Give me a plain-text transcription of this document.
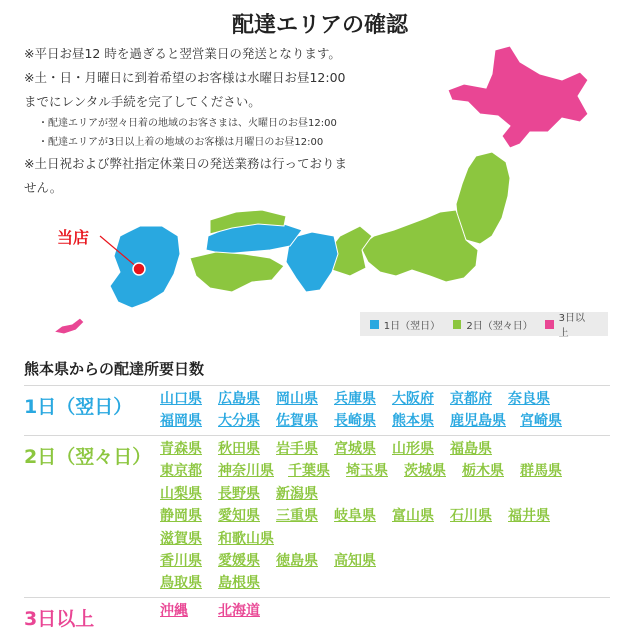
配達エリアの確認
※平日お昼12 時を過ぎると翌営業日の発送となります。
※土・日・月曜日に到着希望のお客様は水曜日お昼12:00
までにレンタル手続を完了してください。
・配達エリアが翌々日着の地域のお客さまは、火曜日のお昼12:00
・配達エリアが3日以上着の地域のお客様は月曜日のお昼12:00
※土日祝および弊社指定休業日の発送業務は行っておりま
せん。
当店
1日（翌日）	2日（翌々日）
3日以上
熊本県からの配達所要日数
1日（翌日） 山口県 広島県 岡山県 兵庫県 大阪府 京都府 奈良県
福岡県 大分県 佐賀県 長崎県 熊本県 鹿児島県 宮崎県
2日（翌々日） 青森県 秋田県 岩手県 宮城県 山形県 福島県
東京都 神奈川県 千葉県 埼玉県 茨城県 栃木県 群馬県
山梨県 長野県 新潟県
静岡県 愛知県 三重県 岐阜県 富山県 石川県 福井県
滋賀県 和歌山県
香川県 愛媛県 徳島県 高知県
鳥取県 島根県
3日以上	沖縄 北海道
